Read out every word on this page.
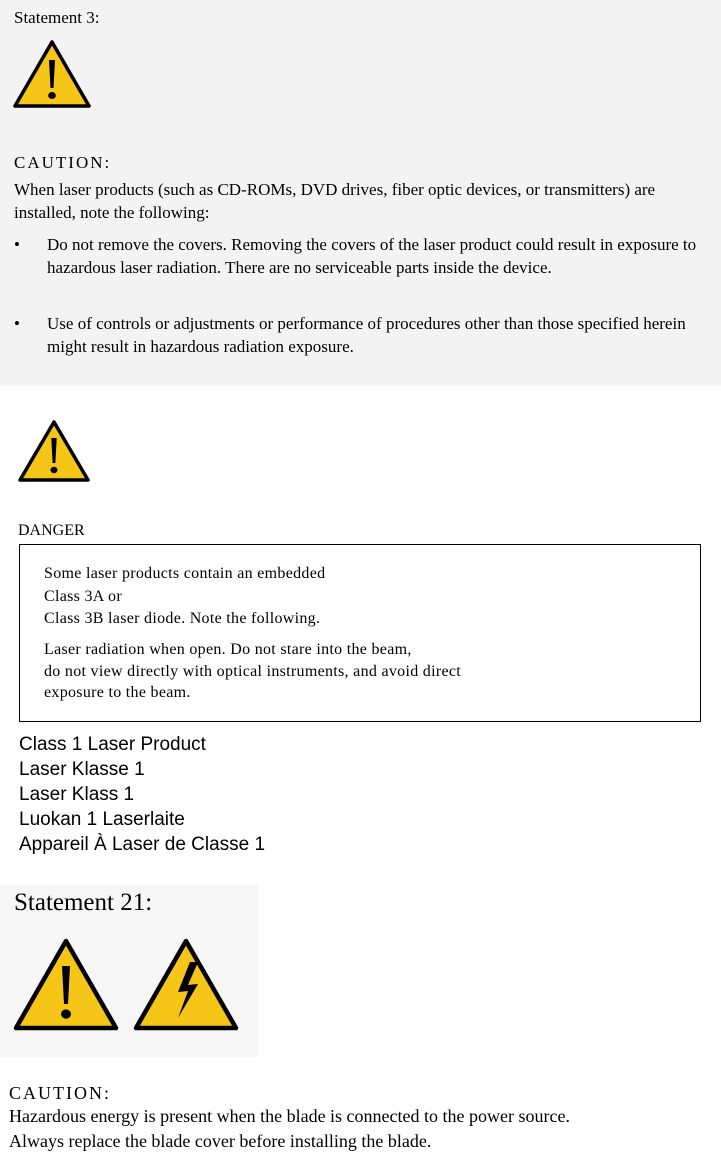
Statement 3:
CAUTION:
When laser products (such as CD-ROMs, DVD drives, fiber optic devices, or transmitters) are installed, note the following:
•	Do not remove the covers. Removing the covers of the laser product could result in exposure to hazardous laser radiation. There are no serviceable parts inside the device.
•	Use of controls or adjustments or performance of procedures other than those specified herein might result in hazardous radiation exposure.
DANGER
Some laser products contain an embedded
Class 3A or
Class 3B laser diode. Note the following.
Laser radiation when open. Do not stare into the beam,
do not view directly with optical instruments, and avoid direct
exposure to the beam.
Class 1 Laser Product
Laser Klasse 1
Laser Klass 1
Luokan 1 Laserlaite
Appareil À Laser de Classe 1
Statement 21:
CAUTION:
Hazardous energy is present when the blade is connected to the power source.
Always replace the blade cover before installing the blade.
